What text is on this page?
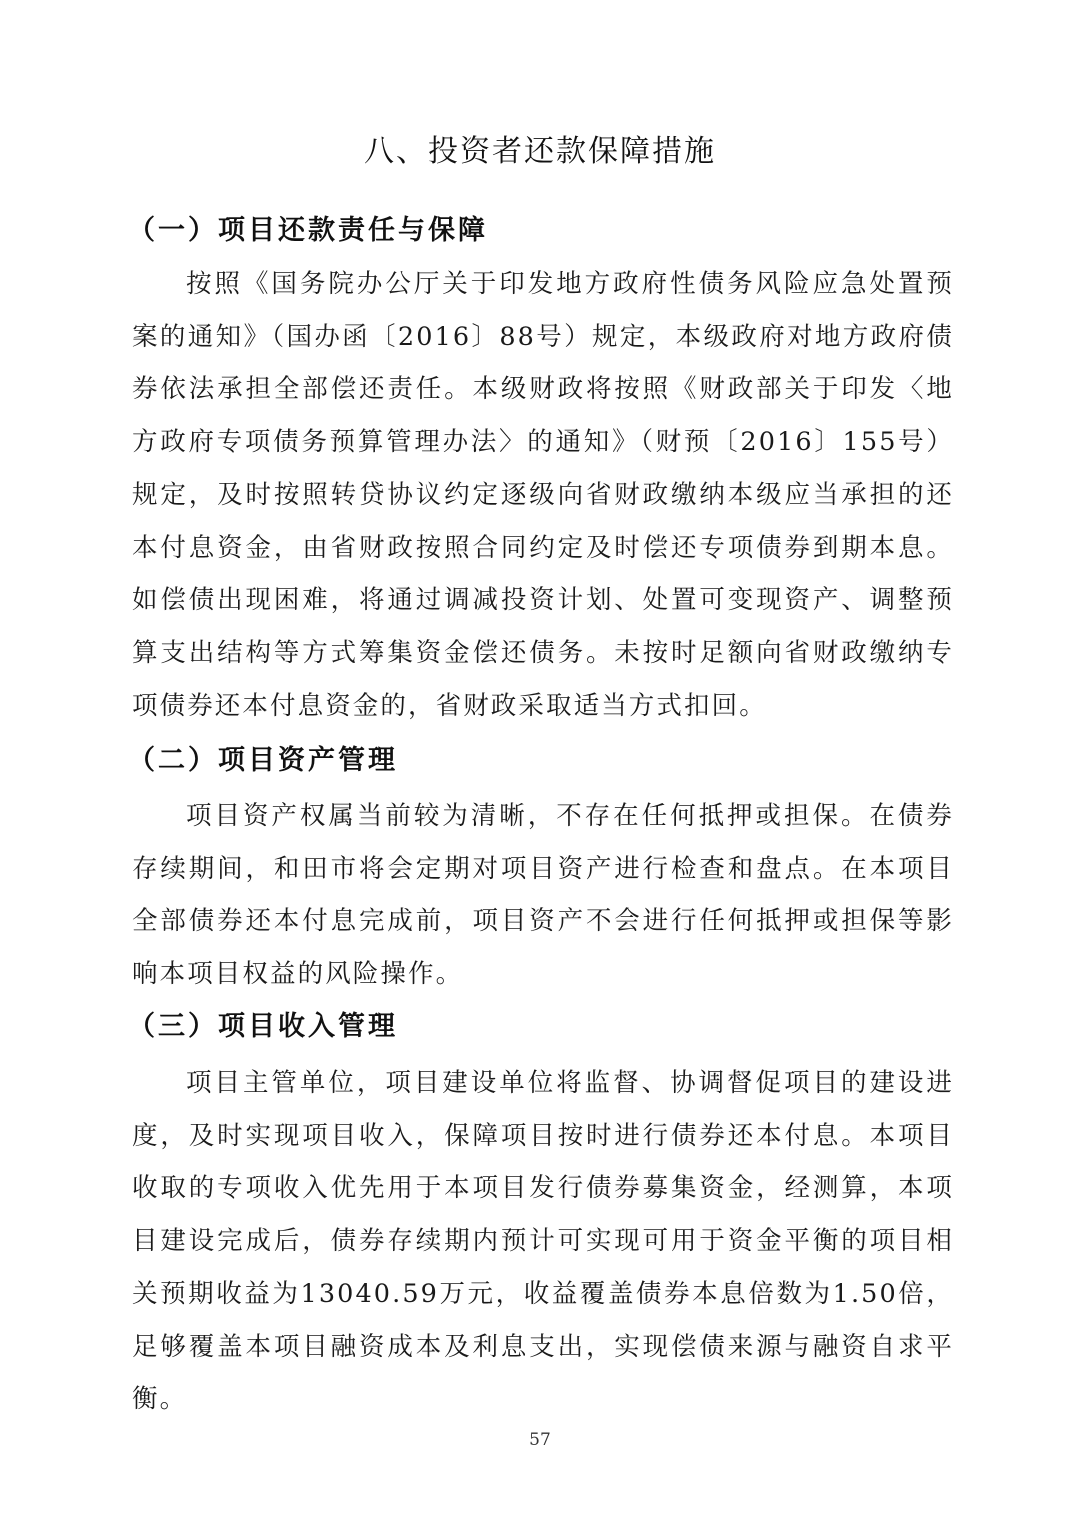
八、投资者还款保障措施
（一）项目还款责任与保障
按照《国务院办公厅关于印发地方政府性债务风险应急处置预案的通知》（国办函〔2016〕88号）规定，本级政府对地方政府债券依法承担全部偿还责任。本级财政将按照《财政部关于印发〈地方政府专项债务预算管理办法〉的通知》（财预〔2016〕155号）规定，及时按照转贷协议约定逐级向省财政缴纳本级应当承担的还本付息资金，由省财政按照合同约定及时偿还专项债券到期本息。如偿债出现困难，将通过调减投资计划、处置可变现资产、调整预算支出结构等方式筹集资金偿还债务。未按时足额向省财政缴纳专项债券还本付息资金的，省财政采取适当方式扣回。
（二）项目资产管理
项目资产权属当前较为清晰，不存在任何抵押或担保。在债券存续期间，和田市将会定期对项目资产进行检查和盘点。在本项目全部债券还本付息完成前，项目资产不会进行任何抵押或担保等影响本项目权益的风险操作。
（三）项目收入管理
项目主管单位，项目建设单位将监督、协调督促项目的建设进度，及时实现项目收入，保障项目按时进行债券还本付息。本项目收取的专项收入优先用于本项目发行债券募集资金，经测算，本项目建设完成后，债券存续期内预计可实现可用于资金平衡的项目相关预期收益为13040.59万元，收益覆盖债券本息倍数为1.50倍，足够覆盖本项目融资成本及利息支出，实现偿债来源与融资自求平衡。
57
